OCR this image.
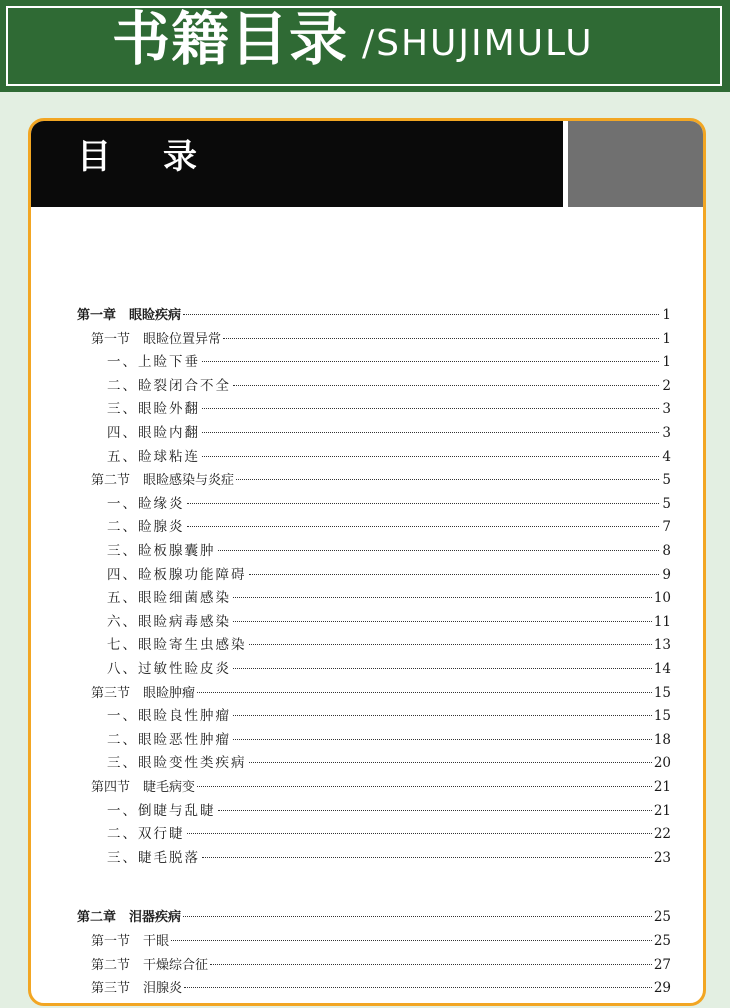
书籍目录 /SHUJIMULU
目录
第一章　眼睑疾病	1
第一节　眼睑位置异常	1
一、上睑下垂	1
二、睑裂闭合不全	2
三、眼睑外翻	3
四、眼睑内翻	3
五、睑球粘连	4
第二节　眼睑感染与炎症	5
一、睑缘炎	5
二、睑腺炎	7
三、睑板腺囊肿	8
四、睑板腺功能障碍	9
五、眼睑细菌感染	10
六、眼睑病毒感染	11
七、眼睑寄生虫感染	13
八、过敏性睑皮炎	14
第三节　眼睑肿瘤	15
一、眼睑良性肿瘤	15
二、眼睑恶性肿瘤	18
三、眼睑变性类疾病	20
第四节　睫毛病变	21
一、倒睫与乱睫	21
二、双行睫	22
三、睫毛脱落	23
第二章　泪器疾病	25
第一节　干眼	25
第二节　干燥综合征	27
第三节　泪腺炎	29
